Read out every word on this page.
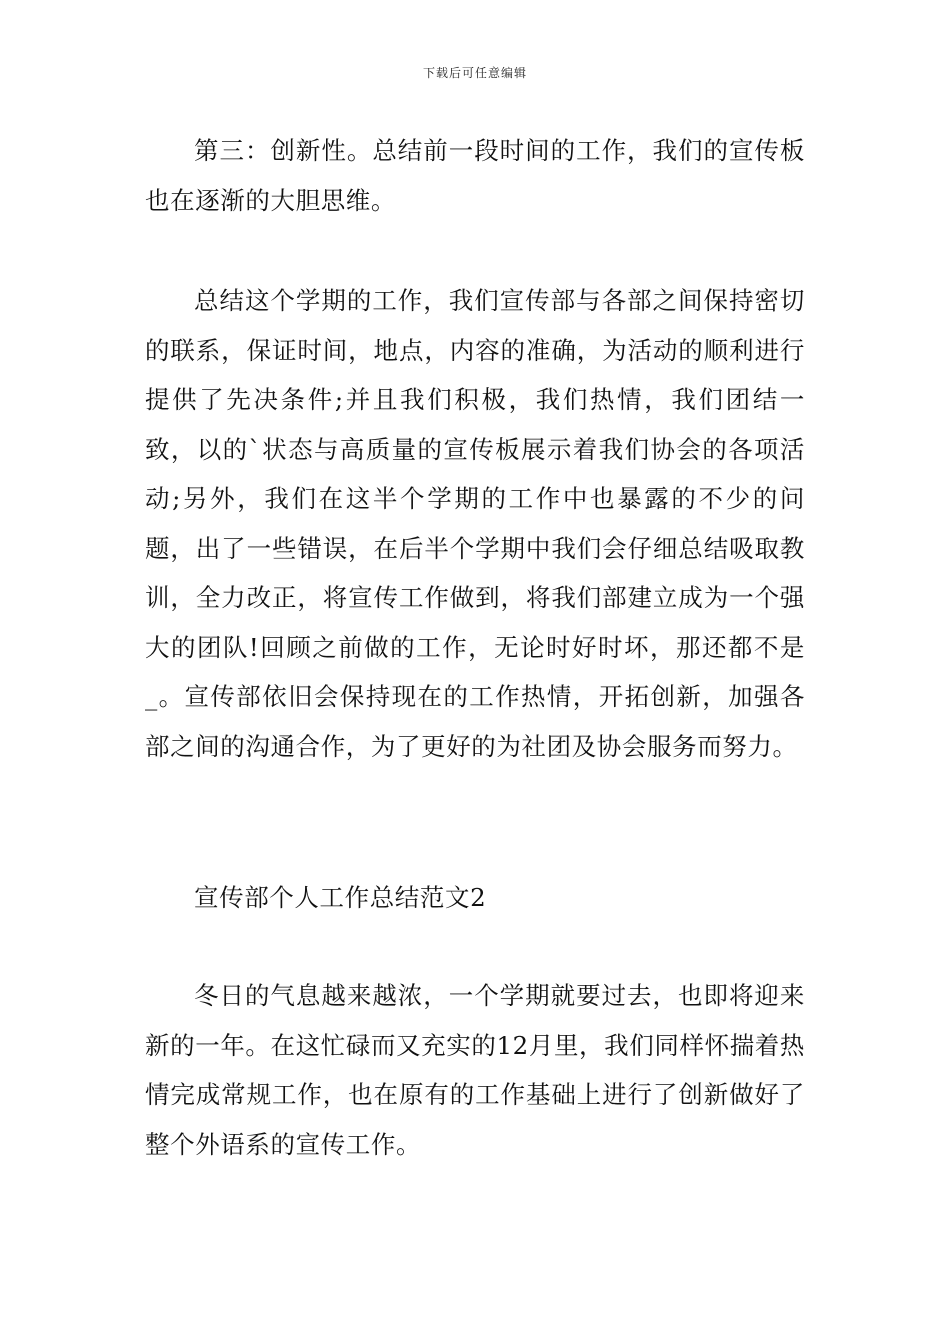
下载后可任意编辑

第三：创新性。总结前一段时间的工作，我们的宣传板也在逐渐的大胆思维。

总结这个学期的工作，我们宣传部与各部之间保持密切的联系，保证时间，地点，内容的准确，为活动的顺利进行提供了先决条件;并且我们积极，我们热情，我们团结一致，以的`状态与高质量的宣传板展示着我们协会的各项活动;另外，我们在这半个学期的工作中也暴露的不少的问题，出了一些错误，在后半个学期中我们会仔细总结吸取教训，全力改正，将宣传工作做到，将我们部建立成为一个强大的团队!回顾之前做的工作，无论时好时坏，那还都不是_。宣传部依旧会保持现在的工作热情，开拓创新，加强各部之间的沟通合作，为了更好的为社团及协会服务而努力。

宣传部个人工作总结范文2

冬日的气息越来越浓，一个学期就要过去，也即将迎来新的一年。在这忙碌而又充实的12月里，我们同样怀揣着热情完成常规工作，也在原有的工作基础上进行了创新做好了整个外语系的宣传工作。
